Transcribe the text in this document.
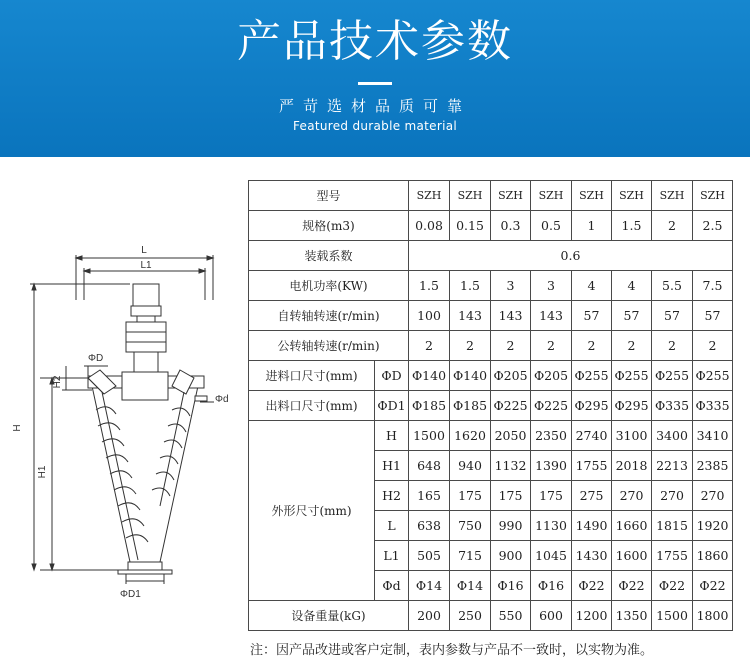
产品技术参数
严苛选材品质可靠
Featured durable material
L
L1
ΦD
Φd
H
H1
H2
ΦD1
型号		SZH	SZH	SZH	SZH	SZH	SZH	SZH	SZH
规格(m3)		0.08	0.15	0.3	0.5	1	1.5	2	2.5
装载系数		0.6							
电机功率(KW)		1.5	1.5	3	3	4	4	5.5	7.5
自转轴转速(r/min)		100	143	143	143	57	57	57	57
公转轴转速(r/min)		2	2	2	2	2	2	2	2
进料口尺寸(mm)	ΦD	Φ140	Φ140	Φ205	Φ205	Φ255	Φ255	Φ255	Φ255
出料口尺寸(mm)	ΦD1	Φ185	Φ185	Φ225	Φ225	Φ295	Φ295	Φ335	Φ335
外形尺寸(mm)	H	1500	1620	2050	2350	2740	3100	3400	3410
	H1	648	940	1132	1390	1755	2018	2213	2385
	H2	165	175	175	175	275	270	270	270
	L	638	750	990	1130	1490	1660	1815	1920
	L1	505	715	900	1045	1430	1600	1755	1860
	Φd	Φ14	Φ14	Φ16	Φ16	Φ22	Φ22	Φ22	Φ22
设备重量(kG)		200	250	550	600	1200	1350	1500	1800
注：因产品改进或客户定制，表内参数与产品不一致时，以实物为准。
